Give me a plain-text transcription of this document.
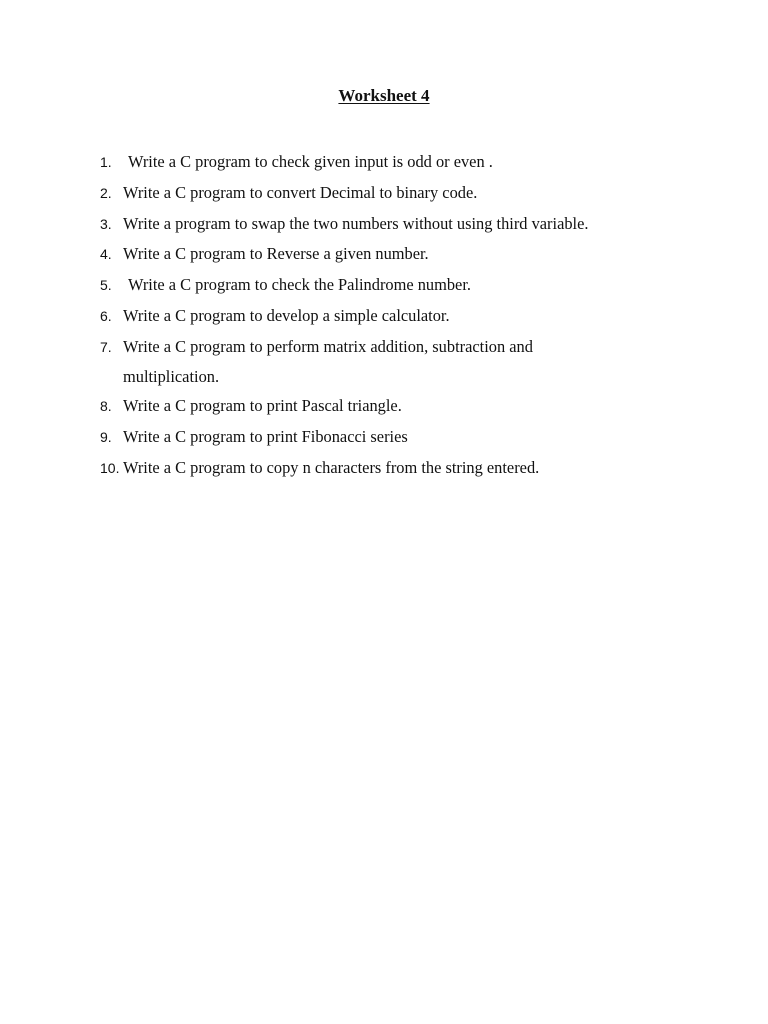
Worksheet 4
1. Write a C program to check given input is odd or even .
2. Write a C program to convert Decimal to binary code.
3. Write a program to swap the two numbers without using third variable.
4. Write a C program to Reverse a given number.
5. Write a C program to check the Palindrome number.
6. Write a C program to develop a simple calculator.
7. Write a C program to perform matrix addition, subtraction and
multiplication.
8. Write a C program to print Pascal triangle.
9. Write a C program to print Fibonacci series
10. Write a C program to copy n characters from the string entered.
